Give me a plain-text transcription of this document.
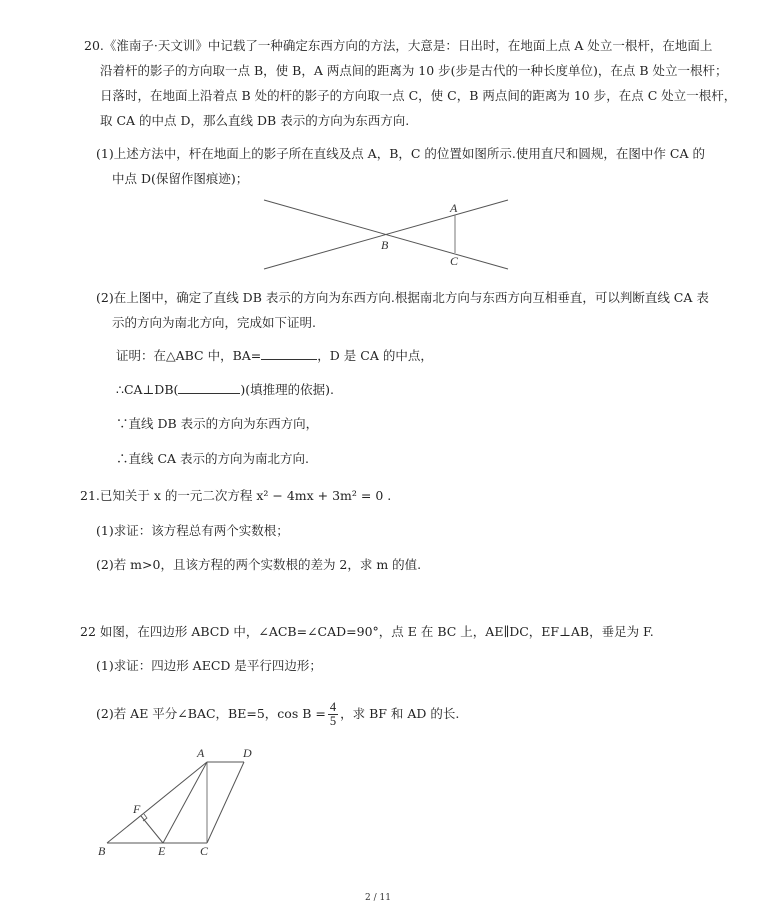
20.《淮南子·天文训》中记载了一种确定东西方向的方法，大意是：日出时，在地面上点 A 处立一根杆，在地面上
沿着杆的影子的方向取一点 B，使 B，A 两点间的距离为 10 步(步是古代的一种长度单位)，在点 B 处立一根杆；
日落时，在地面上沿着点 B 处的杆的影子的方向取一点 C，使 C，B 两点间的距离为 10 步，在点 C 处立一根杆，
取 CA 的中点 D，那么直线 DB 表示的方向为东西方向.
(1)上述方法中，杆在地面上的影子所在直线及点 A，B，C 的位置如图所示.使用直尺和圆规，在图中作 CA 的
中点 D(保留作图痕迹)；
A
B
C
(2)在上图中，确定了直线 DB 表示的方向为东西方向.根据南北方向与东西方向互相垂直，可以判断直线 CA 表
示的方向为南北方向，完成如下证明.
证明：在△ABC 中，BA=	，D 是 CA 的中点，
∴CA⊥DB(	)(填推理的依据).
∵直线 DB 表示的方向为东西方向，
∴直线 CA 表示的方向为南北方向.
21.已知关于 x 的一元二次方程 x² − 4mx + 3m² = 0 .
(1)求证：该方程总有两个实数根；
(2)若 m>0，且该方程的两个实数根的差为 2，求 m 的值.
22 如图，在四边形 ABCD 中，∠ACB=∠CAD=90°，点 E 在 BC 上，AE∥DC，EF⊥AB，垂足为 F.
(1)求证：四边形 AECD 是平行四边形；
(2)若 AE 平分∠BAC，BE=5，$\cos B = \frac{4}{5}$ ，求 BF 和 AD 的长.
A	D
F
B	E	C
2 / 11
